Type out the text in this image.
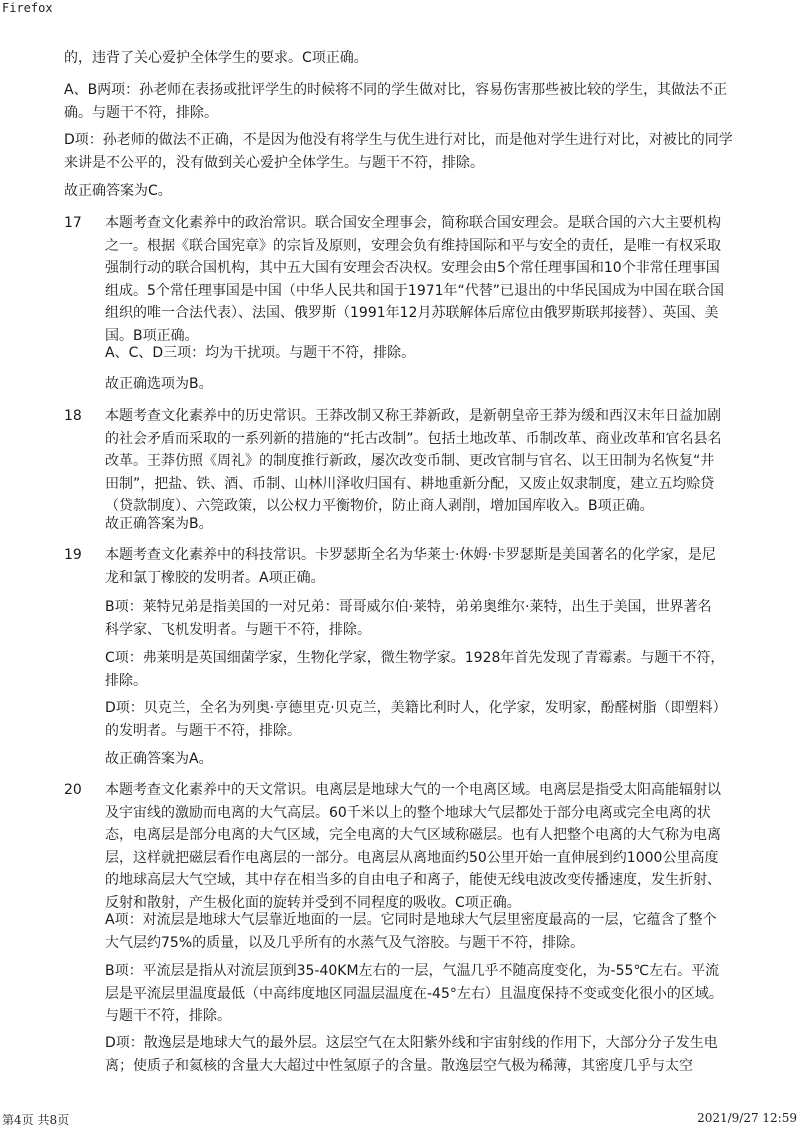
Firefox

的，违背了关心爱护全体学生的要求。C项正确。

A、B两项：孙老师在表扬或批评学生的时候将不同的学生做对比，容易伤害那些被比较的学生，其做法不正确。与题干不符，排除。

D项：孙老师的做法不正确，不是因为他没有将学生与优生进行对比，而是他对学生进行对比，对被比的同学来讲是不公平的，没有做到关心爱护全体学生。与题干不符，排除。

故正确答案为C。

17 本题考查文化素养中的政治常识。联合国安全理事会，简称联合国安理会。是联合国的六大主要机构之一。根据《联合国宪章》的宗旨及原则，安理会负有维持国际和平与安全的责任，是唯一有权采取强制行动的联合国机构，其中五大国有安理会否决权。安理会由5个常任理事国和10个非常任理事国组成。5个常任理事国是中国（中华人民共和国于1971年“代替”已退出的中华民国成为中国在联合国组织的唯一合法代表）、法国、俄罗斯（1991年12月苏联解体后席位由俄罗斯联邦接替）、英国、美国。B项正确。

A、C、D三项：均为干扰项。与题干不符，排除。

故正确选项为B。

18 本题考查文化素养中的历史常识。王莽改制又称王莽新政，是新朝皇帝王莽为缓和西汉末年日益加剧的社会矛盾而采取的一系列新的措施的“托古改制”。包括土地改革、币制改革、商业改革和官名县名改革。王莽仿照《周礼》的制度推行新政，屡次改变币制、更改官制与官名、以王田制为名恢复“井田制”，把盐、铁、酒、币制、山林川泽收归国有、耕地重新分配，又废止奴隶制度，建立五均赊贷（贷款制度）、六筦政策，以公权力平衡物价，防止商人剥削，增加国库收入。B项正确。

故正确答案为B。

19 本题考查文化素养中的科技常识。卡罗瑟斯全名为华莱士·休姆·卡罗瑟斯是美国著名的化学家，是尼龙和氯丁橡胶的发明者。A项正确。

B项：莱特兄弟是指美国的一对兄弟：哥哥威尔伯·莱特，弟弟奥维尔·莱特，出生于美国，世界著名科学家、飞机发明者。与题干不符，排除。

C项：弗莱明是英国细菌学家，生物化学家，微生物学家。1928年首先发现了青霉素。与题干不符，排除。

D项：贝克兰，全名为列奥·亨德里克·贝克兰，美籍比利时人，化学家，发明家，酚醛树脂（即塑料）的发明者。与题干不符，排除。

故正确答案为A。

20 本题考查文化素养中的天文常识。电离层是地球大气的一个电离区域。电离层是指受太阳高能辐射以及宇宙线的激励而电离的大气高层。60千米以上的整个地球大气层都处于部分电离或完全电离的状态，电离层是部分电离的大气区域，完全电离的大气区域称磁层。也有人把整个电离的大气称为电离层，这样就把磁层看作电离层的一部分。电离层从离地面约50公里开始一直伸展到约1000公里高度的地球高层大气空域，其中存在相当多的自由电子和离子，能使无线电波改变传播速度，发生折射、反射和散射，产生极化面的旋转并受到不同程度的吸收。C项正确。

A项：对流层是地球大气层靠近地面的一层。它同时是地球大气层里密度最高的一层，它蕴含了整个大气层约75%的质量，以及几乎所有的水蒸气及气溶胶。与题干不符，排除。

B项：平流层是指从对流层顶到35-40KM左右的一层，气温几乎不随高度变化，为-55℃左右。平流层是平流层里温度最低（中高纬度地区同温层温度在-45°左右）且温度保持不变或变化很小的区域。与题干不符，排除。

D项：散逸层是地球大气的最外层。这层空气在太阳紫外线和宇宙射线的作用下，大部分分子发生电离；使质子和氦核的含量大大超过中性氢原子的含量。散逸层空气极为稀薄，其密度几乎与太空

第4页 共8页	2021/9/27 12:59
